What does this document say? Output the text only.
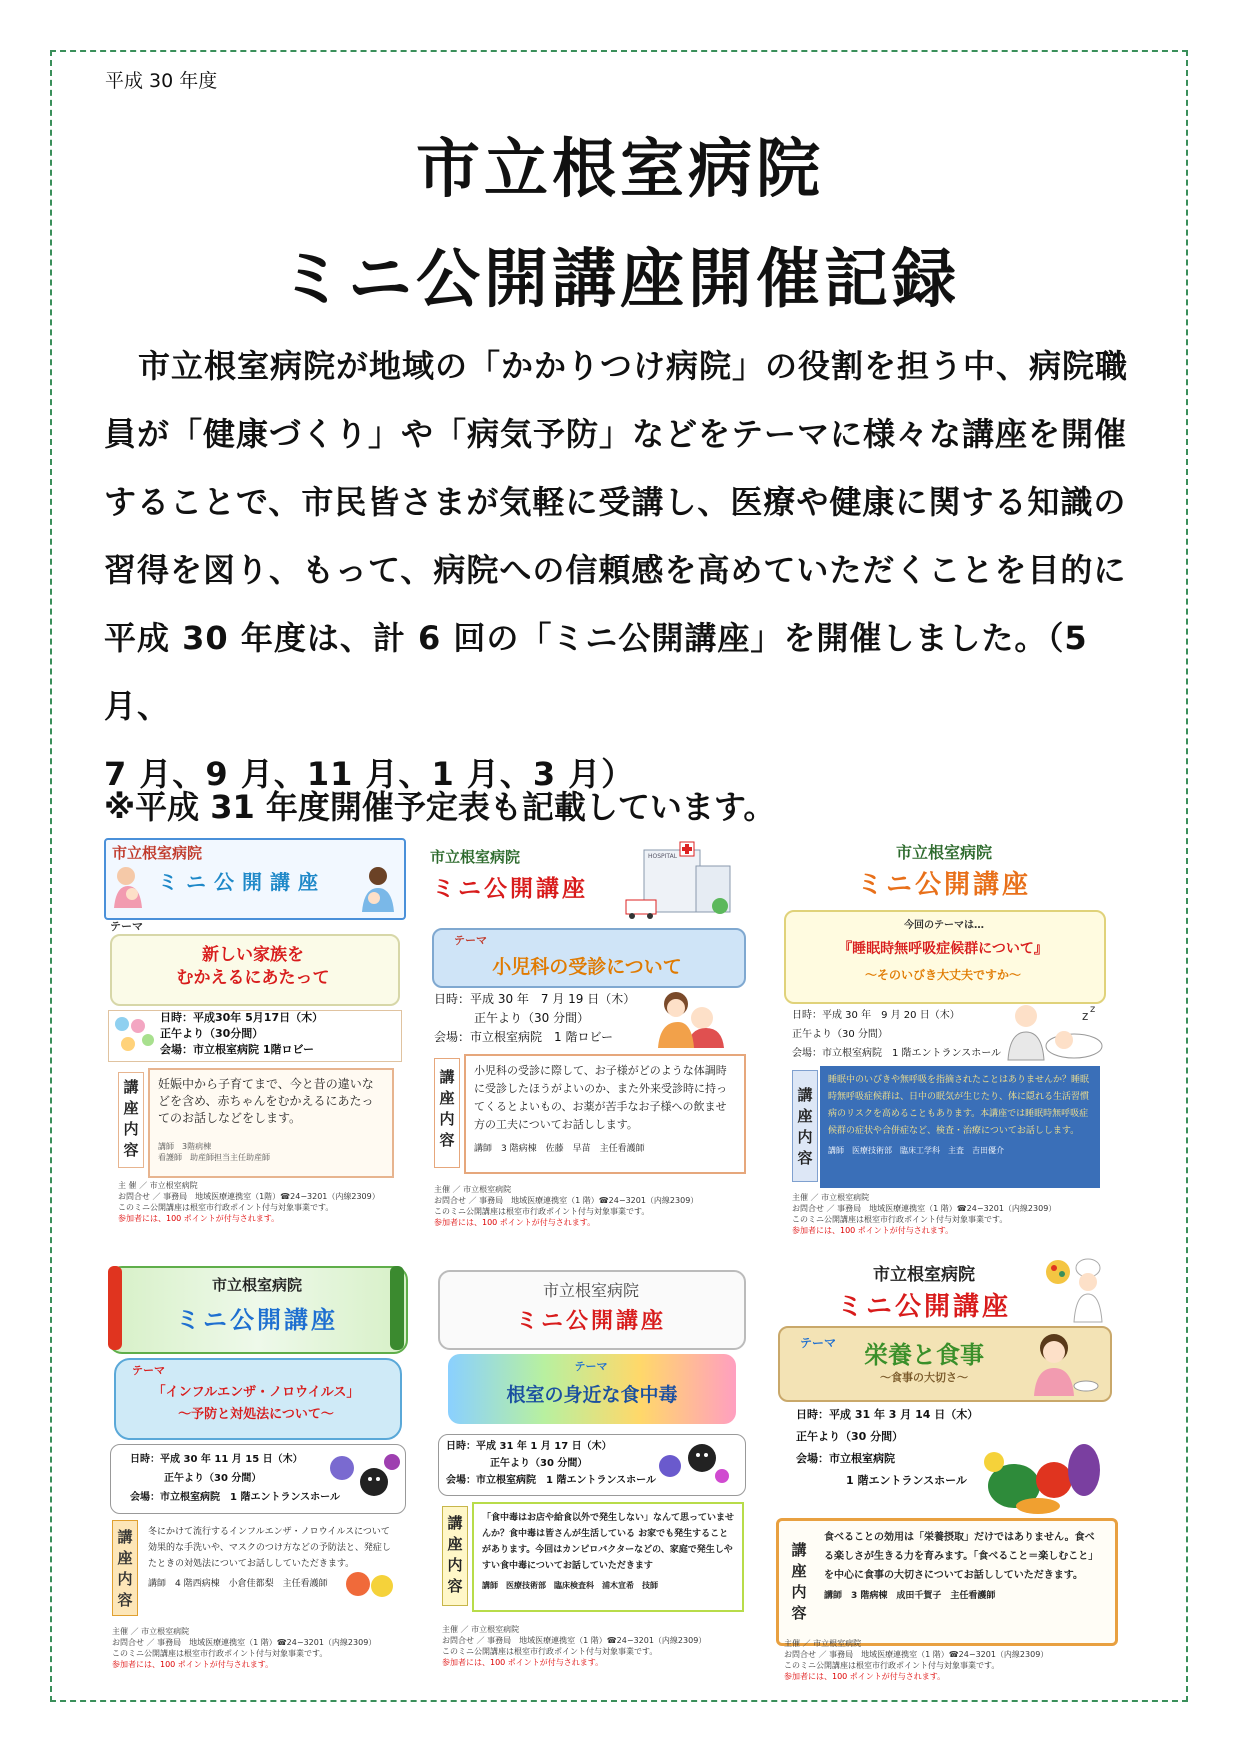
平成 30 年度
市立根室病院
ミニ公開講座開催記録
市立根室病院が地域の「かかりつけ病院」の役割を担う中、病院職
員が「健康づくり」や「病気予防」などをテーマに様々な講座を開催
することで、市民皆さまが気軽に受講し、医療や健康に関する知識の
習得を図り、もって、病院への信頼感を高めていただくことを目的に
平成 30 年度は、計 6 回の「ミニ公開講座」を開催しました。（5 月、
7 月、9 月、11 月、1 月、3 月）
※平成 31 年度開催予定表も記載しています。
市立根室病院
ミニ公開講座
テーマ
新しい家族を
むかえるにあたって
日時：平成30年 5月17日（木）
正午より（30分間）
会場：市立根室病院 1階ロビー
講座内容
妊娠中から子育てまで、今と昔の違いなどを含め、赤ちゃんをむかえるにあたってのお話しなどをします。
講師　3階病棟
看護師　助産師担当主任助産師
主 催 ／ 市立根室病院
お問合せ ／ 事務局　地域医療連携室（1階）☎24−3201（内線2309）
このミニ公開講座は根室市行政ポイント付与対象事業です。
参加者には、100 ポイントが付与されます。
市立根室病院
ミニ公開講座
HOSPITAL
テーマ
小児科の受診について
日時：平成 30 年　7 月 19 日（木）
正午より（30 分間）
会場：市立根室病院　1 階ロビー
講座内容
小児科の受診に際して、お子様がどのような体調時に受診したほうがよいのか、また外来受診時に持ってくるとよいもの、お薬が苦手なお子様への飲ませ方の工夫についてお話しします。
講師　3 階病棟　佐藤　早苗　主任看護師
主催 ／ 市立根室病院
お問合せ ／ 事務局　地域医療連携室（1 階）☎24−3201（内線2309）
このミニ公開講座は根室市行政ポイント付与対象事業です。
参加者には、100 ポイントが付与されます。
市立根室病院
ミニ公開講座
今回のテーマは…
『睡眠時無呼吸症候群について』
～そのいびき大丈夫ですか～
日時：平成 30 年　9 月 20 日（木）
正午より（30 分間）
会場：市立根室病院　1 階エントランスホール
z z
講座内容
睡眠中のいびきや無呼吸を指摘されたことはありませんか？睡眠時無呼吸症候群は、日中の眠気が生じたり、体に隠れる生活習慣病のリスクを高めることもあります。本講座では睡眠時無呼吸症候群の症状や合併症など、検査・治療についてお話しします。
講師　医療技術部　臨床工学科　主査　吉田優介
主催 ／ 市立根室病院
お問合せ ／ 事務局　地域医療連携室（1 階）☎24−3201（内線2309）
このミニ公開講座は根室市行政ポイント付与対象事業です。
参加者には、100 ポイントが付与されます。
市立根室病院
ミニ公開講座
テーマ
「インフルエンザ・ノロウイルス」
～予防と対処法について～
日時：平成 30 年 11 月 15 日（木）
正午より（30 分間）
会場：市立根室病院　1 階エントランスホール
講座内容
冬にかけて流行するインフルエンザ・ノロウイルスについて効果的な手洗いや、マスクのつけ方などの予防法と、発症したときの対処法についてお話ししていただきます。
講師　4 階西病棟　小倉佳都梨　主任看護師
主催 ／ 市立根室病院
お問合せ ／ 事務局　地域医療連携室（1 階）☎24−3201（内線2309）
このミニ公開講座は根室市行政ポイント付与対象事業です。
参加者には、100 ポイントが付与されます。
市立根室病院
ミニ公開講座
テーマ
根室の身近な食中毒
日時：平成 31 年 1 月 17 日（木）
正午より（30 分間）
会場：市立根室病院　1 階エントランスホール
講座内容
「食中毒はお店や給食以外で発生しない」なんて思っていませんか？食中毒は皆さんが生活している お家でも発生することがあります。今回はカンピロバクターなどの、家庭で発生しやすい食中毒についてお話していただきます
講師　医療技術部　臨床検査科　浦木宣希　技師
主催 ／ 市立根室病院
お問合せ ／ 事務局　地域医療連携室（1 階）☎24−3201（内線2309）
このミニ公開講座は根室市行政ポイント付与対象事業です。
参加者には、100 ポイントが付与されます。
市立根室病院
ミニ公開講座
テーマ	栄養と食事
～食事の大切さ～
日時：平成 31 年 3 月 14 日（木）
正午より（30 分間）
会場：市立根室病院
1 階エントランスホール
講座内容
食べることの効用は「栄養摂取」だけではありません。食べる楽しさが生きる力を育みます。「食べること＝楽しむこと」を中心に食事の大切さについてお話ししていただきます。
講師　3 階病棟　成田千賀子　主任看護師
主催 ／ 市立根室病院
お問合せ ／ 事務局　地域医療連携室（1 階）☎24−3201（内線2309）
このミニ公開講座は根室市行政ポイント付与対象事業です。
参加者には、100 ポイントが付与されます。
